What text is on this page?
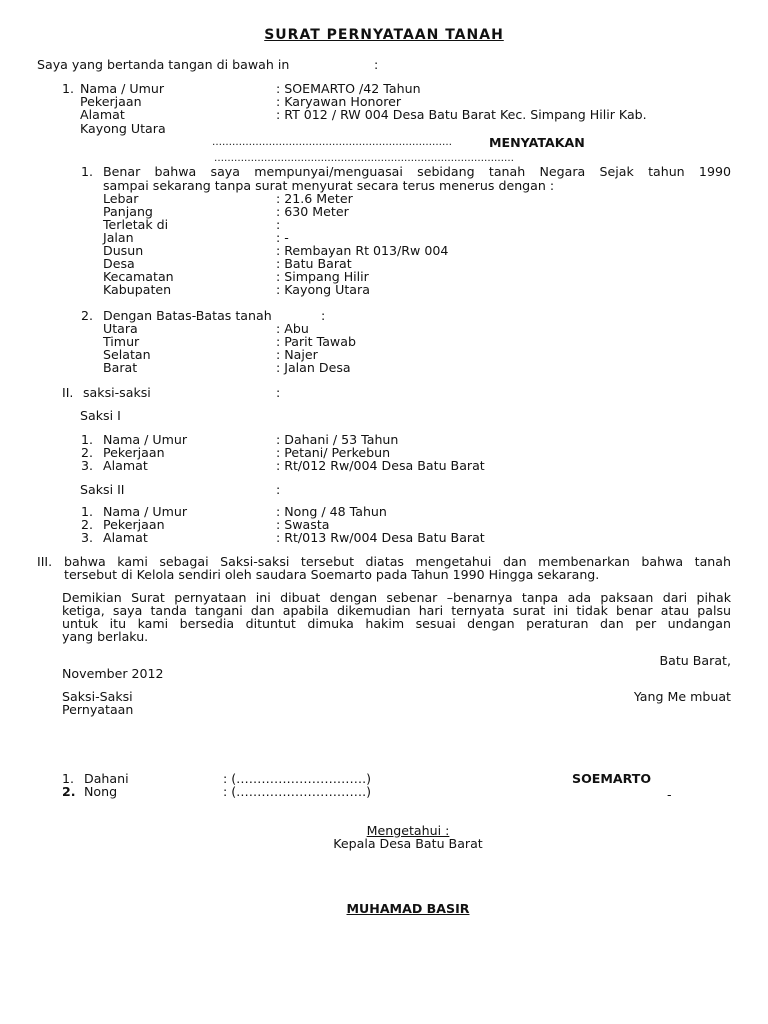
SURAT PERNYATAAN TANAH
Saya yang bertanda tangan di bawah in	:
1. Nama / Umur	: SOEMARTO /42 Tahun
Pekerjaan	: Karyawan Honorer
Alamat	: RT 012 / RW 004 Desa Batu Barat Kec. Simpang Hilir Kab.
Kayong Utara
………………………………………………………………	MENYATAKAN
………………………………………………………………………………
1. Benar bahwa saya mempunyai/menguasai sebidang tanah Negara Sejak tahun 1990
sampai sekarang tanpa surat menyurat secara terus menerus dengan :
Lebar	: 21.6 Meter
Panjang	: 630 Meter
Terletak di	:
Jalan	: -
Dusun	: Rembayan Rt 013/Rw 004
Desa	: Batu Barat
Kecamatan	: Simpang Hilir
Kabupaten	: Kayong Utara
2. Dengan Batas-Batas tanah	:
Utara	: Abu
Timur	: Parit Tawab
Selatan	: Najer
Barat	: Jalan Desa
II. saksi-saksi	:
Saksi I
1. Nama / Umur	: Dahani / 53 Tahun
2. Pekerjaan	: Petani/ Perkebun
3. Alamat	: Rt/012 Rw/004 Desa Batu Barat
Saksi II	:
1. Nama / Umur	: Nong / 48 Tahun
2. Pekerjaan	: Swasta
3. Alamat	: Rt/013 Rw/004 Desa Batu Barat
III. bahwa kami sebagai Saksi-saksi tersebut diatas mengetahui dan membenarkan bahwa tanah
tersebut di Kelola sendiri oleh saudara Soemarto pada Tahun 1990 Hingga sekarang.
Demikian Surat pernyataan ini dibuat dengan sebenar –benarnya tanpa ada paksaan dari pihak
ketiga, saya tanda tangani dan apabila dikemudian hari ternyata surat ini tidak benar atau palsu
untuk itu kami bersedia dituntut dimuka hakim sesuai dengan peraturan dan per undangan
yang berlaku.
Batu Barat,
November 2012
Saksi-Saksi	Yang Me mbuat
Pernyataan
1. Dahani	: (………………………….)
2. Nong	: (………………………….)
SOEMARTO
-
Mengetahui :
Kepala Desa Batu Barat
MUHAMAD BASIR
